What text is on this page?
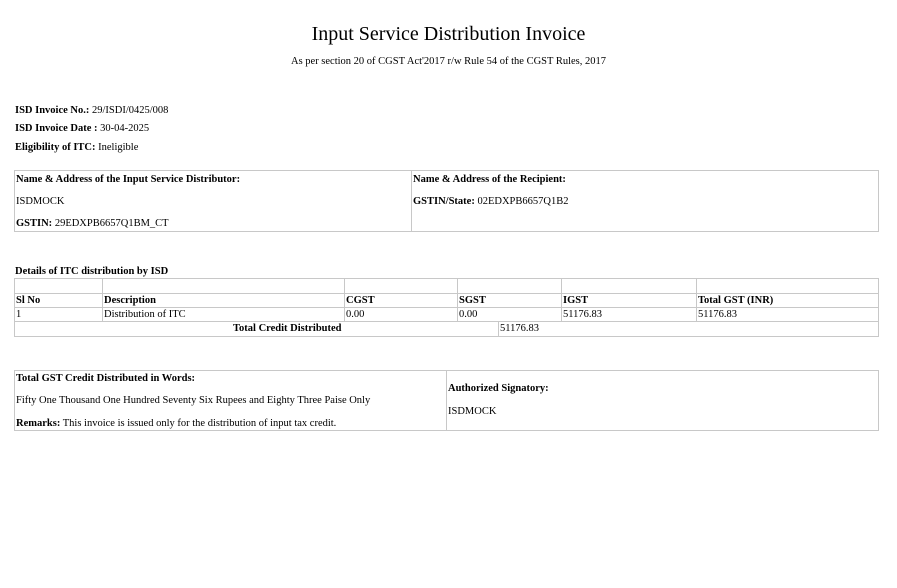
Input Service Distribution Invoice
As per section 20 of CGST Act'2017 r/w Rule 54 of the CGST Rules, 2017
ISD Invoice No.: 29/ISDI/0425/008
ISD Invoice Date : 30-04-2025
Eligibility of ITC: Ineligible
Name & Address of the Input Service Distributor:
ISDMOCK
GSTIN: 29EDXPB6657Q1BM_CT
Name & Address of the Recipient:
GSTIN/State: 02EDXPB6657Q1B2
Details of ITC distribution by ISD
Sl No	Description	CGST	SGST	IGST	Total GST (INR)
1	Distribution of ITC	0.00	0.00	51176.83	51176.83
Total Credit Distributed	51176.83
Total GST Credit Distributed in Words:
Fifty One Thousand One Hundred Seventy Six Rupees and Eighty Three Paise Only
Remarks: This invoice is issued only for the distribution of input tax credit.
Authorized Signatory:
ISDMOCK
